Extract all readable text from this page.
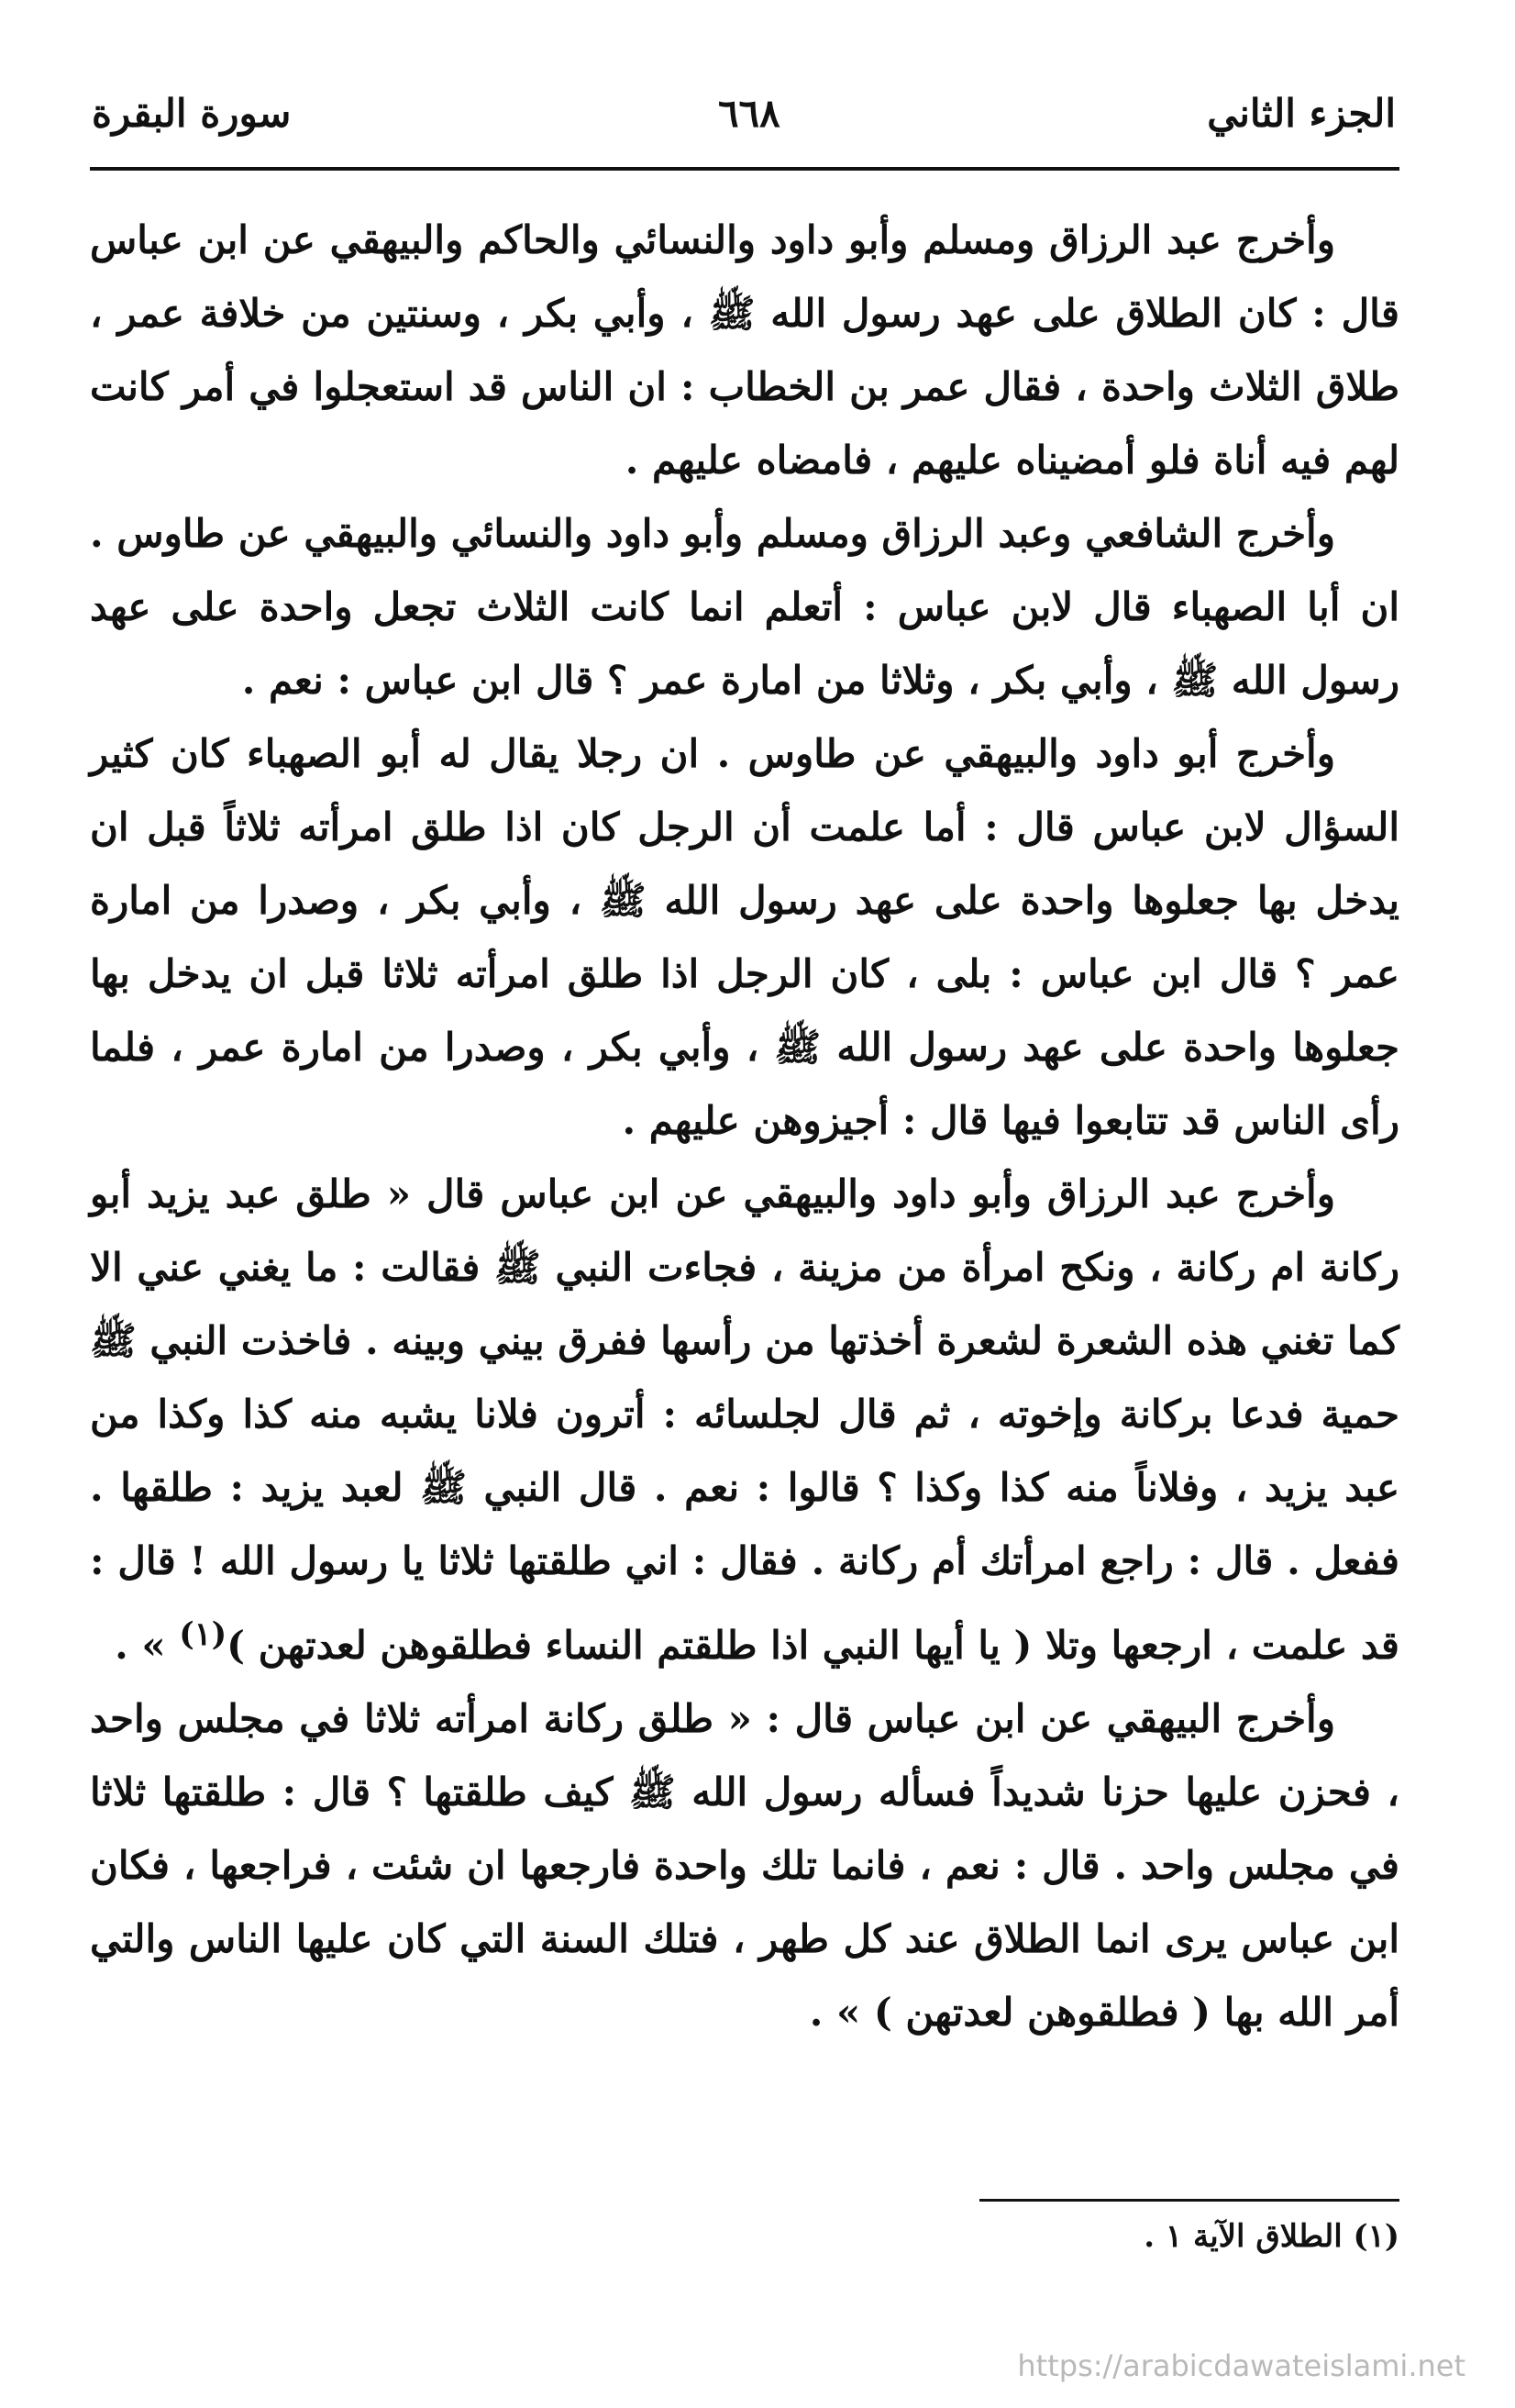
الجزء الثاني
٦٦٨
سورة البقرة

وأخرج عبد الرزاق ومسلم وأبو داود والنسائي والحاكم والبيهقي عن ابن عباس قال : كان الطلاق على عهد رسول الله ﷺ ، وأبي بكر ، وسنتين من خلافة عمر ، طلاق الثلاث واحدة ، فقال عمر بن الخطاب : ان الناس قد استعجلوا في أمر كانت لهم فيه أناة فلو أمضيناه عليهم ، فامضاه عليهم .

وأخرج الشافعي وعبد الرزاق ومسلم وأبو داود والنسائي والبيهقي عن طاوس . ان أبا الصهباء قال لابن عباس : أتعلم انما كانت الثلاث تجعل واحدة على عهد رسول الله ﷺ ، وأبي بكر ، وثلاثا من امارة عمر ؟ قال ابن عباس : نعم .

وأخرج أبو داود والبيهقي عن طاوس . ان رجلا يقال له أبو الصهباء كان كثير السؤال لابن عباس قال : أما علمت أن الرجل كان اذا طلق امرأته ثلاثاً قبل ان يدخل بها جعلوها واحدة على عهد رسول الله ﷺ ، وأبي بكر ، وصدرا من امارة عمر ؟ قال ابن عباس : بلى ، كان الرجل اذا طلق امرأته ثلاثا قبل ان يدخل بها جعلوها واحدة على عهد رسول الله ﷺ ، وأبي بكر ، وصدرا من امارة عمر ، فلما رأى الناس قد تتابعوا فيها قال : أجيزوهن عليهم .

وأخرج عبد الرزاق وأبو داود والبيهقي عن ابن عباس قال « طلق عبد يزيد أبو ركانة ام ركانة ، ونكح امرأة من مزينة ، فجاءت النبي ﷺ فقالت : ما يغني عني الا كما تغني هذه الشعرة لشعرة أخذتها من رأسها ففرق بيني وبينه . فاخذت النبي ﷺ حمية فدعا بركانة وإخوته ، ثم قال لجلسائه : أترون فلانا يشبه منه كذا وكذا من عبد يزيد ، وفلاناً منه كذا وكذا ؟ قالوا : نعم . قال النبي ﷺ لعبد يزيد : طلقها . ففعل . قال : راجع امرأتك أم ركانة . فقال : اني طلقتها ثلاثا يا رسول الله ! قال : قد علمت ، ارجعها وتلا ( يا أيها النبي اذا طلقتم النساء فطلقوهن لعدتهن )$^{(١)}$ » .

وأخرج البيهقي عن ابن عباس قال : « طلق ركانة امرأته ثلاثا في مجلس واحد ، فحزن عليها حزنا شديداً فسأله رسول الله ﷺ كيف طلقتها ؟ قال : طلقتها ثلاثا في مجلس واحد . قال : نعم ، فانما تلك واحدة فارجعها ان شئت ، فراجعها ، فكان ابن عباس يرى انما الطلاق عند كل طهر ، فتلك السنة التي كان عليها الناس والتي أمر الله بها ( فطلقوهن لعدتهن ) » .

(١) الطلاق الآية ١ .
https://arabicdawateislami.net
